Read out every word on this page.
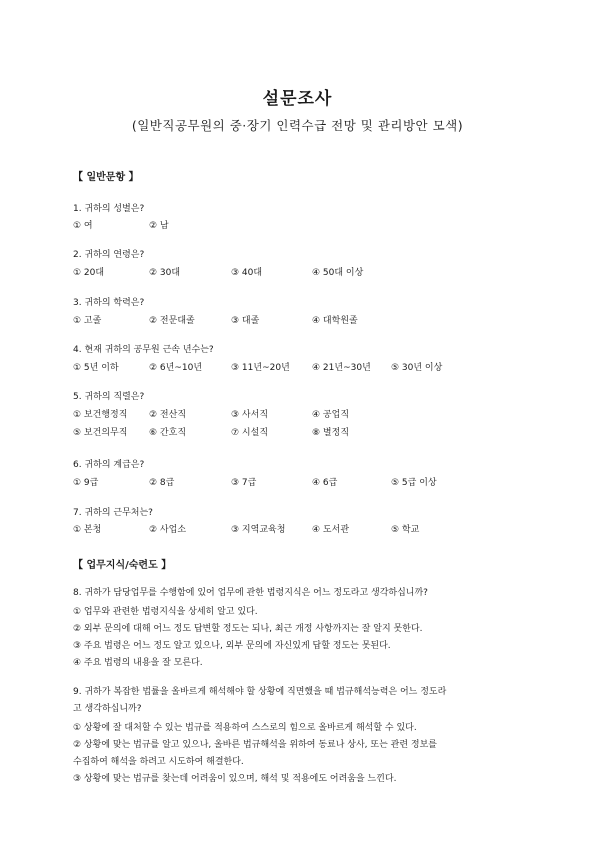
설문조사
(일반직공무원의 중·장기 인력수급 전망 및 관리방안 모색)
【 일반문항 】
1. 귀하의 성별은?
① 여	② 남
2. 귀하의 연령은?
① 20대	② 30대	③ 40대	④ 50대 이상
3. 귀하의 학력은?
① 고졸	② 전문대졸	③ 대졸	④ 대학원졸
4. 현재 귀하의 공무원 근속 년수는?
① 5년 이하	② 6년~10년	③ 11년~20년 ④ 21년~30년 ⑤ 30년 이상
5. 귀하의 직렬은?
① 보건행정직 ② 전산직	③ 사서직	④ 공업직
⑤ 보건의무직 ⑥ 간호직	⑦ 시설직	⑧ 별정직
6. 귀하의 계급은?
① 9급	② 8급	③ 7급	④ 6급	⑤ 5급 이상
7. 귀하의 근무처는?
① 본청	② 사업소	③ 지역교육청	④ 도서관	⑤ 학교
【 업무지식/숙련도 】
8. 귀하가 담당업무를 수행함에 있어 업무에 관한 법령지식은 어느 정도라고 생각하십니까?
① 업무와 관련한 법령지식을 상세히 알고 있다.
② 외부 문의에 대해 어느 정도 답변할 정도는 되나, 최근 개정 사항까지는 잘 알지 못한다.
③ 주요 법령은 어느 정도 알고 있으나, 외부 문의에 자신있게 답할 정도는 못된다.
④ 주요 법령의 내용을 잘 모른다.
9. 귀하가 복잡한 법률을 올바르게 해석해야 할 상황에 직면했을 때 법규해석능력은 어느 정도라
고 생각하십니까?
① 상황에 잘 대처할 수 있는 법규를 적용하여 스스로의 힘으로 올바르게 해석할 수 있다.
② 상황에 맞는 법규를 알고 있으나, 올바른 법규해석을 위하여 동료나 상사, 또는 관련 정보를
수집하여 해석을 하려고 시도하여 해결한다.
③ 상황에 맞는 법규를 찾는데 어려움이 있으며, 해석 및 적용에도 어려움을 느낀다.
